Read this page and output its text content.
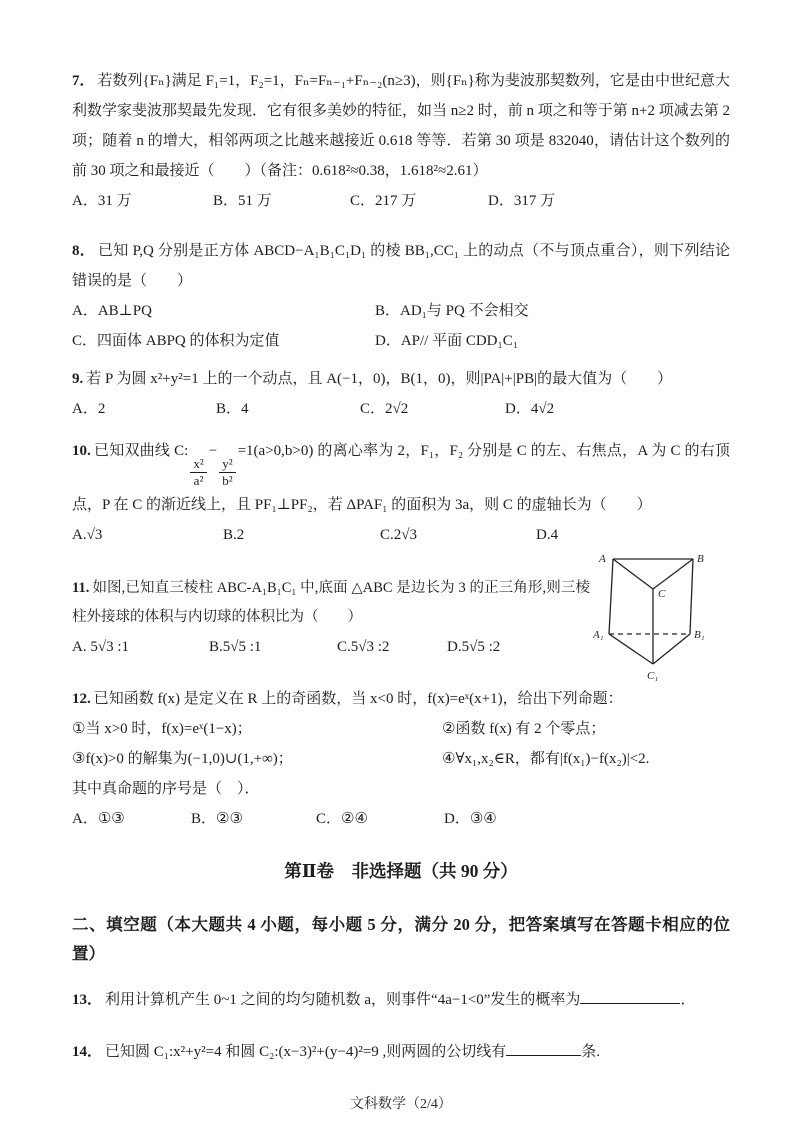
7． 若数列{Fₙ}满足 F₁=1，F₂=1，Fₙ=Fₙ₋₁+Fₙ₋₂(n≥3)，则{Fₙ}称为斐波那契数列，它是由中世纪意大利数学家斐波那契最先发现．它有很多美妙的特征，如当 n≥2 时，前 n 项之和等于第 n+2 项减去第 2 项；随着 n 的增大，相邻两项之比越来越接近 0.618 等等．若第 30 项是 832040，请估计这个数列的前 30 项之和最接近（　　）（备注：0.618²≈0.38，1.618²≈2.61）

A．31 万	B．51 万	C．217 万	D．317 万

8． 已知 P,Q 分别是正方体 ABCD−A₁B₁C₁D₁ 的棱 BB₁,CC₁ 上的动点（不与顶点重合），则下列结论错误的是（　　）

A．AB⊥PQ	B．AD₁与 PQ 不会相交
C．四面体 ABPQ 的体积为定值	D．AP// 平面 CDD₁C₁

9. 若 P 为圆 x²+y²=1 上的一个动点，且 A(−1，0)，B(1，0)，则|PA|+|PB|的最大值为（　　）

A．2	B．4	C．2√2	D．4√2

10. 已知双曲线 C:
$\frac{\text{x²}}{\text{a²}}$
−
$\frac{\text{y²}}{\text{b²}}$
=1(a>0,b>0) 的离心率为 2，F₁，F₂ 分别是 C 的左、右焦点，A 为 C 的右顶点，P 在 C 的渐近线上，且 PF₁⊥PF₂，若 ΔPAF₁ 的面积为 3a，则 C 的虚轴长为（　　）

A.√3	B.2	C.2√3	D.4

11. 如图,已知直三棱柱 ABC-A₁B₁C₁ 中,底面 △ABC 是边长为 3 的正三角形,则三棱柱外接球的体积与内切球的体积比为（　　）

A. 5√3 :1	B.5√5 :1	C.5√3 :2	D.5√5 :2
A	B
C
A₁	B₁
C₁

12. 已知函数 f(x) 是定义在 R 上的奇函数，当 x<0 时，f(x)=eˣ(x+1)，给出下列命题：

①当 x>0 时，f(x)=eˣ(1−x)；	②函数 f(x) 有 2 个零点；
③f(x)>0 的解集为(−1,0)∪(1,+∞)；	④∀x₁,x₂∈R，都有|f(x₁)−f(x₂)|<2.

其中真命题的序号是（　）．

A．①③	B．②③	C．②④	D．③④
第Ⅱ卷　非选择题（共 90 分）
二、填空题（本大题共 4 小题，每小题 5 分，满分 20 分，把答案填写在答题卡相应的位置）

13． 利用计算机产生 0~1 之间的均匀随机数 a，则事件“4a−1<0”发生的概率为	．

14． 已知圆 C₁:x²+y²=4 和圆 C₂:(x−3)²+(y−4)²=9 ,则两圆的公切线有	条.

文科数学（2/4）
